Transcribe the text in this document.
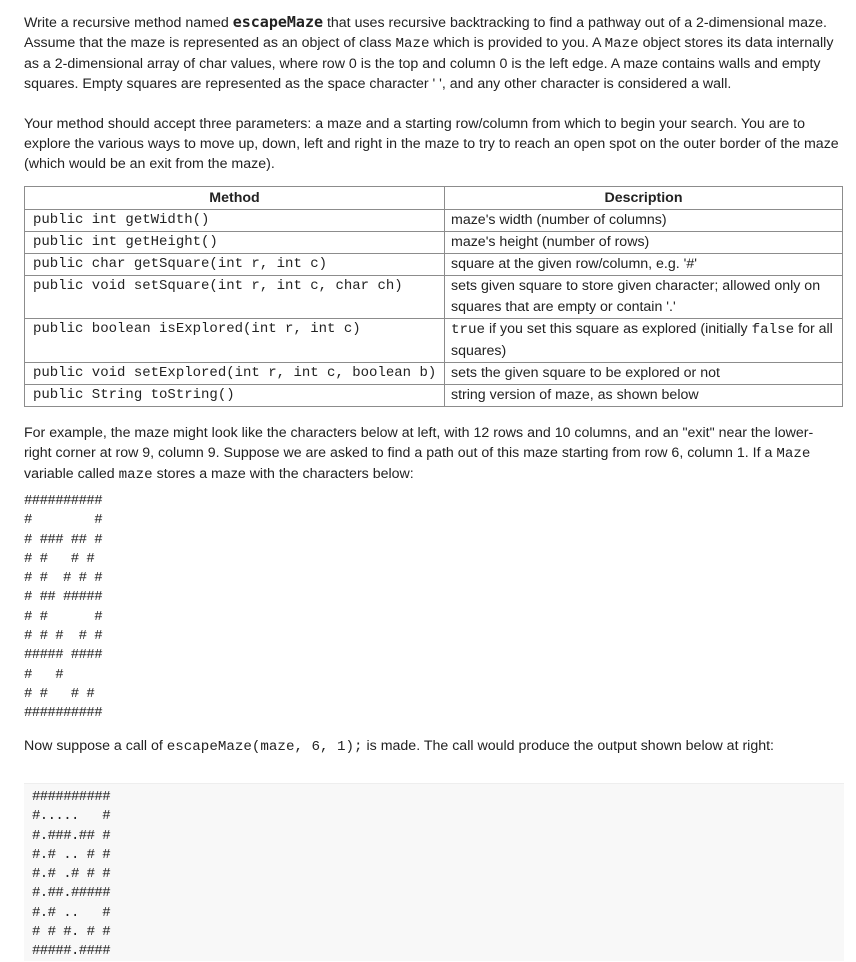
Write a recursive method named escapeMaze that uses recursive backtracking to find a pathway out of a 2-dimensional maze. Assume that the maze is represented as an object of class Maze which is provided to you. A Maze object stores its data internally as a 2-dimensional array of char values, where row 0 is the top and column 0 is the left edge. A maze contains walls and empty squares. Empty squares are represented as the space character ' ', and any other character is considered a wall.

Your method should accept three parameters: a maze and a starting row/column from which to begin your search. You are to explore the various ways to move up, down, left and right in the maze to try to reach an open spot on the outer border of the maze (which would be an exit from the maze).

Method	Description
public int getWidth()	maze's width (number of columns)
public int getHeight()	maze's height (number of rows)
public char getSquare(int r, int c)	square at the given row/column, e.g. '#'
public void setSquare(int r, int c, char ch)	sets given square to store given character; allowed only on squares that are empty or contain '.'
public boolean isExplored(int r, int c)	true if you set this square as explored (initially false for all squares)
public void setExplored(int r, int c, boolean b)	sets the given square to be explored or not
public String toString()	string version of maze, as shown below

For example, the maze might look like the characters below at left, with 12 rows and 10 columns, and an "exit" near the lower-right corner at row 9, column 9. Suppose we are asked to find a path out of this maze starting from row 6, column 1. If a Maze variable called maze stores a maze with the characters below:

##########
#        #
# ### ## #
# #   # #
# #  # # #
# ## #####
# #      #
# # #  # #
##### ####
#   #
# #   # #
##########

Now suppose a call of escapeMaze(maze, 6, 1); is made. The call would produce the output shown below at right:

##########
#.....   #
#.###.## #
#.# .. # #
#.# .# # #
#.##.#####
#.# ..   #
# # #. # #
#####.####
